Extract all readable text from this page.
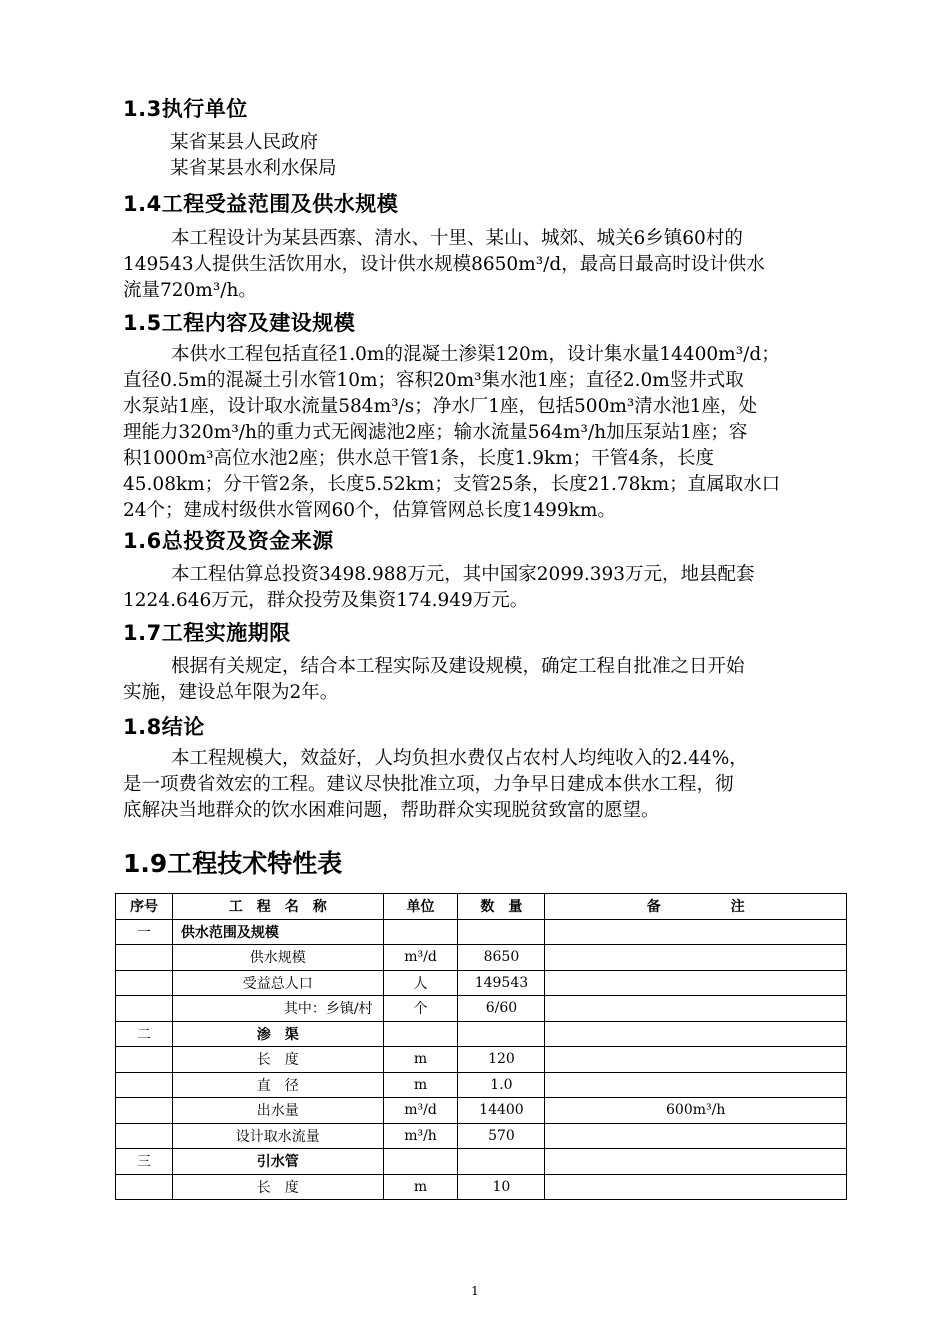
1.3执行单位
某省某县人民政府
某省某县水利水保局
1.4工程受益范围及供水规模
本工程设计为某县西寨、清水、十里、某山、城郊、城关6乡镇60村的
149543人提供生活饮用水，设计供水规模8650m³/d，最高日最高时设计供水
流量720m³/h。
1.5工程内容及建设规模
本供水工程包括直径1.0m的混凝土渗渠120m，设计集水量14400m³/d；
直径0.5m的混凝土引水管10m；容积20m³集水池1座；直径2.0m竖井式取
水泵站1座，设计取水流量584m³/s；净水厂1座，包括500m³清水池1座，处
理能力320m³/h的重力式无阀滤池2座；输水流量564m³/h加压泵站1座；容
积1000m³高位水池2座；供水总干管1条，长度1.9km；干管4条，长度
45.08km；分干管2条，长度5.52km；支管25条，长度21.78km；直属取水口
24个；建成村级供水管网60个，估算管网总长度1499km。
1.6总投资及资金来源
本工程估算总投资3498.988万元，其中国家2099.393万元，地县配套
1224.646万元，群众投劳及集资174.949万元。
1.7工程实施期限
根据有关规定，结合本工程实际及建设规模，确定工程自批准之日开始
实施，建设总年限为2年。
1.8结论
本工程规模大，效益好，人均负担水费仅占农村人均纯收入的2.44%，
是一项费省效宏的工程。建议尽快批准立项，力争早日建成本供水工程，彻
底解决当地群众的饮水困难问题，帮助群众实现脱贫致富的愿望。
1.9工程技术特性表
序号	工　程　名　称	单位	数　量	备　　　　　注
一	供水范围及规模			
	供水规模	m³/d	8650	
	受益总人口	人	149543	
	其中：乡镇/村	个	6/60	
二	渗　渠			
	长　度	m	120	
	直　径	m	1.0	
	出水量	m³/d	14400	600m³/h
	设计取水流量	m³/h	570	
三	引水管			
	长　度	m	10	
1
